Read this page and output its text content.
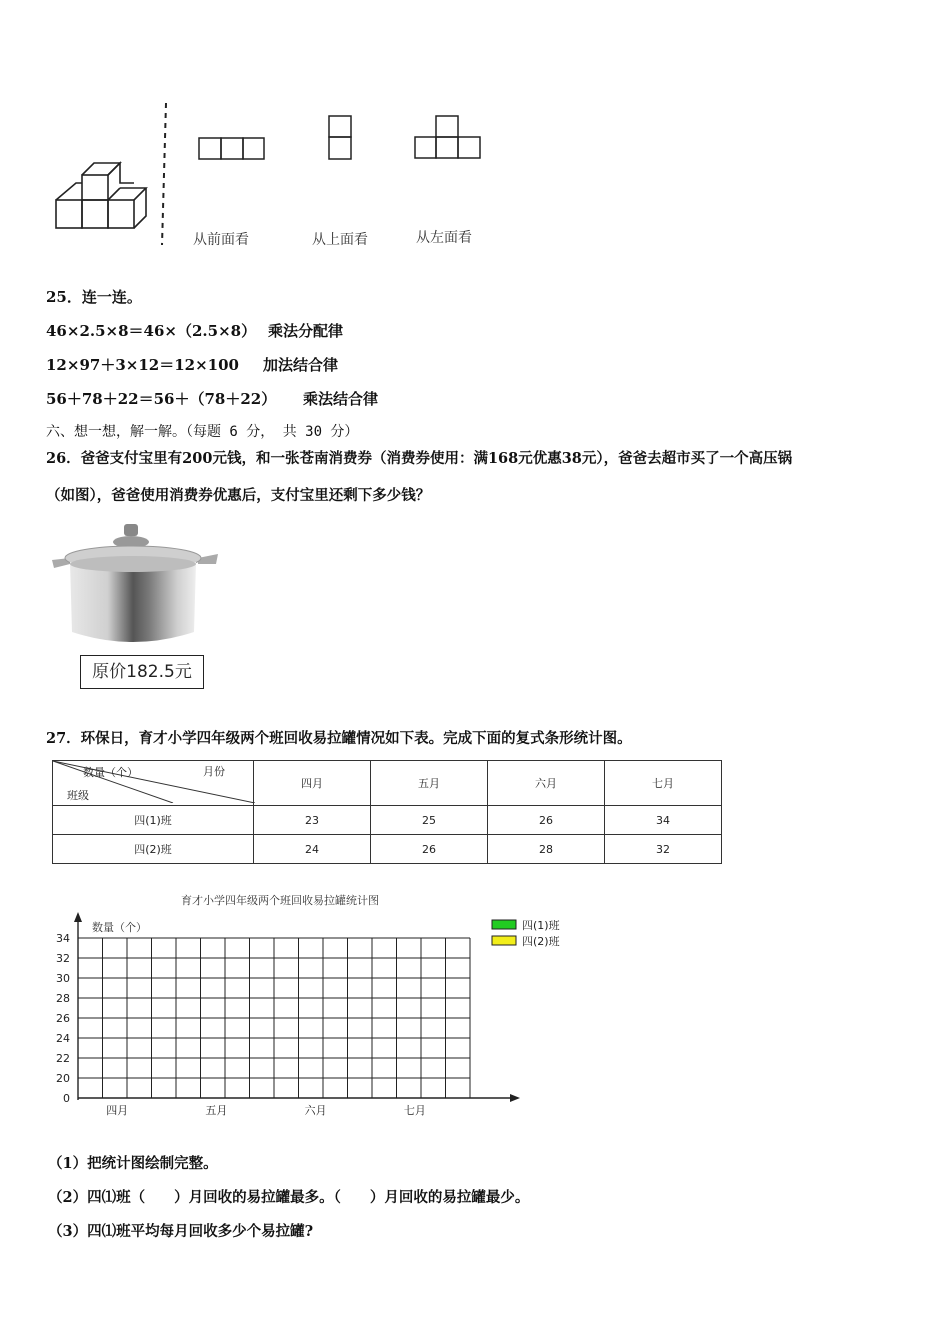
从前面看	从上面看	从左面看
25．连一连。
46×2.5×8＝46×（2.5×8） 乘法分配律
12×97＋3×12＝12×100 加法结合律
56＋78＋22＝56＋（78＋22） 乘法结合律
六、想一想，解一解。（每题 6 分， 共 30 分）
26．爸爸支付宝里有200元钱，和一张苍南消费券（消费券使用：满168元优惠38元），爸爸去超市买了一个高压锅
（如图），爸爸使用消费券优惠后，支付宝里还剩下多少钱？
原价182.5元
27．环保日，育才小学四年级两个班回收易拉罐情况如下表。完成下面的复式条形统计图。
数量（个） 月份
班级	四月	五月	六月	七月
四(1)班	23	25	26	34
四(2)班	24	26	28	32
育才小学四年级两个班回收易拉罐统计图
数量（个）
34
32
30
28
26
24
22
20
0
四月	五月	六月	七月
四(1)班
四(2)班
（1）把统计图绘制完整。
（2）四⑴班（　　）月回收的易拉罐最多。（　　）月回收的易拉罐最少。
（3）四⑴班平均每月回收多少个易拉罐?
